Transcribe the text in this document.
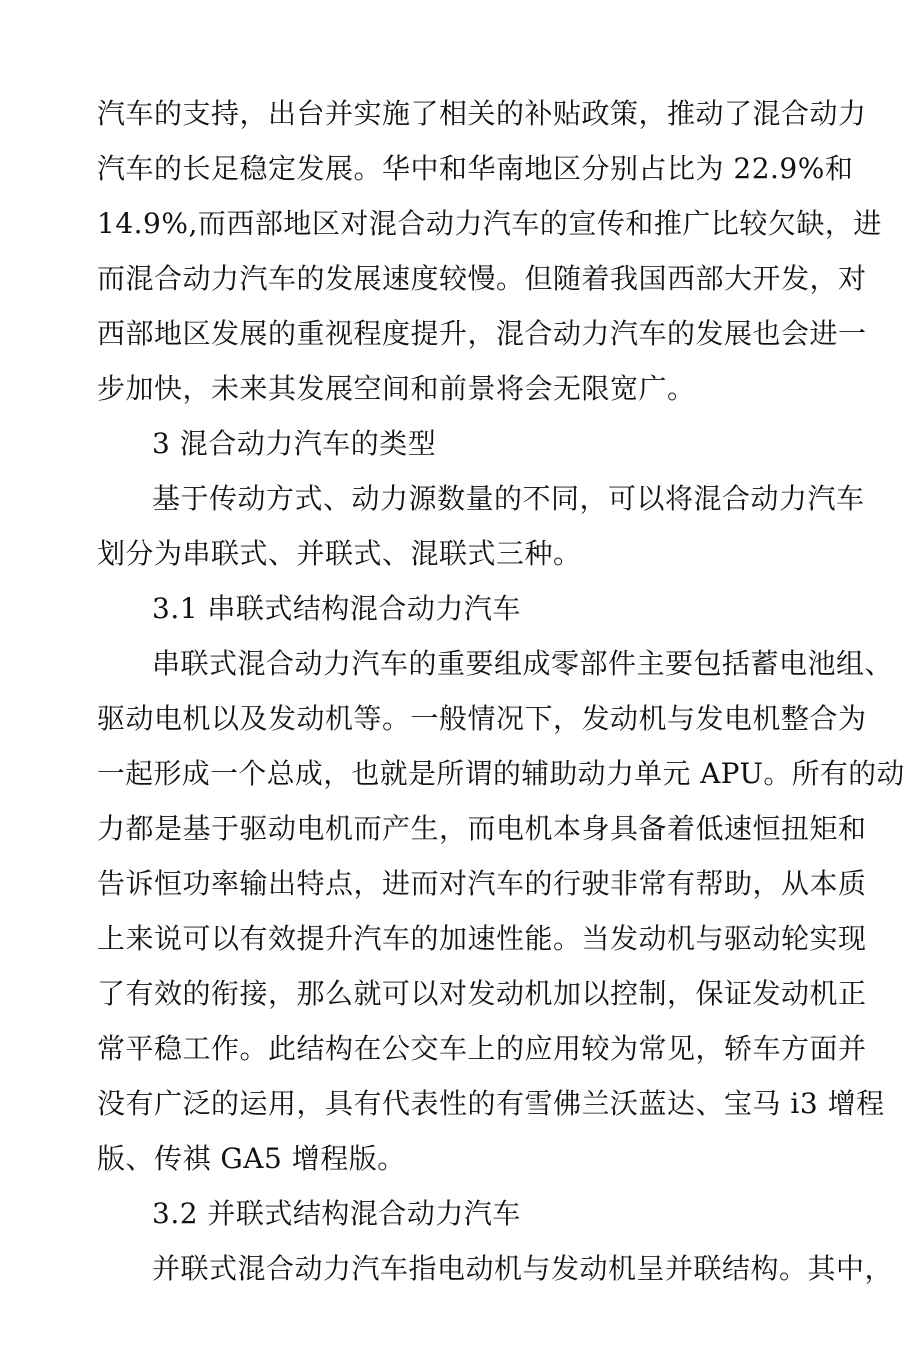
汽车的支持，出台并实施了相关的补贴政策，推动了混合动力
汽车的长足稳定发展。华中和华南地区分别占比为 22.9%和
14.9%,而西部地区对混合动力汽车的宣传和推广比较欠缺，进
而混合动力汽车的发展速度较慢。但随着我国西部大开发，对
西部地区发展的重视程度提升，混合动力汽车的发展也会进一
步加快，未来其发展空间和前景将会无限宽广。
3 混合动力汽车的类型
基于传动方式、动力源数量的不同，可以将混合动力汽车
划分为串联式、并联式、混联式三种。
3.1 串联式结构混合动力汽车
串联式混合动力汽车的重要组成零部件主要包括蓄电池组、
驱动电机以及发动机等。一般情况下，发动机与发电机整合为
一起形成一个总成，也就是所谓的辅助动力单元 APU。所有的动
力都是基于驱动电机而产生，而电机本身具备着低速恒扭矩和
告诉恒功率输出特点，进而对汽车的行驶非常有帮助，从本质
上来说可以有效提升汽车的加速性能。当发动机与驱动轮实现
了有效的衔接，那么就可以对发动机加以控制，保证发动机正
常平稳工作。此结构在公交车上的应用较为常见，轿车方面并
没有广泛的运用，具有代表性的有雪佛兰沃蓝达、宝马 i3 增程
版、传祺 GA5 增程版。
3.2 并联式结构混合动力汽车
并联式混合动力汽车指电动机与发动机呈并联结构。其中，
